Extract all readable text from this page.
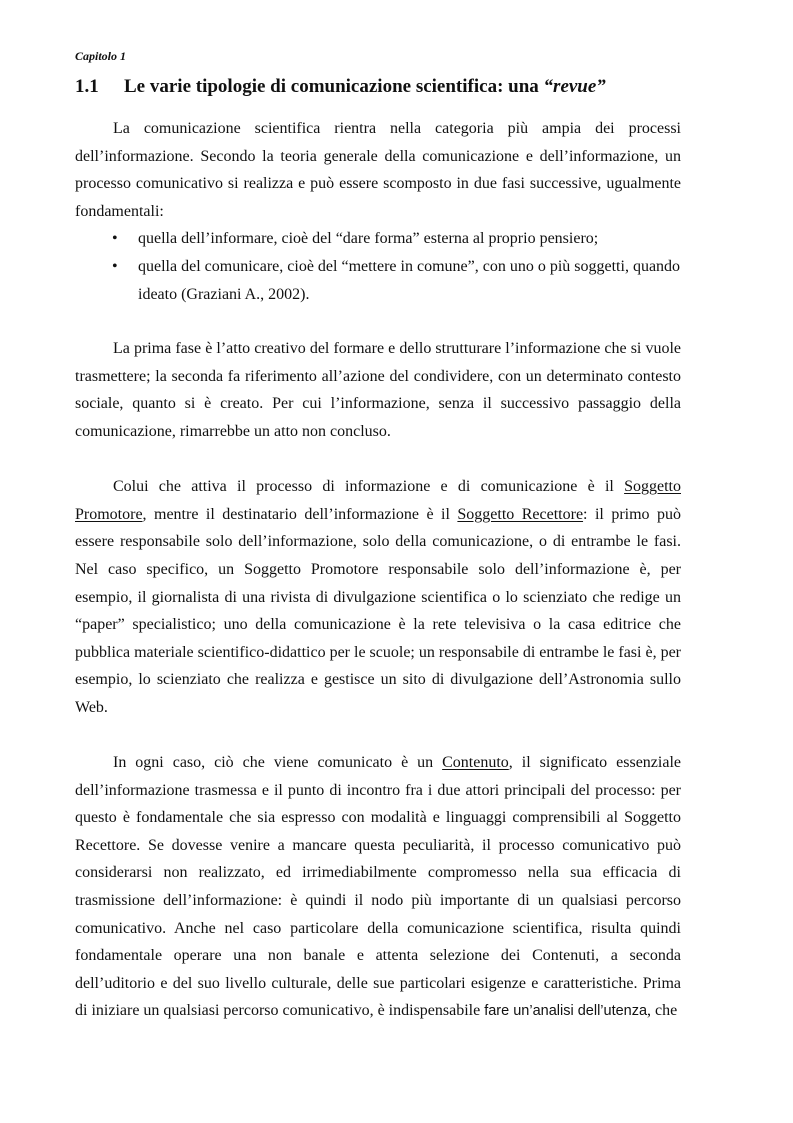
Capitolo 1
1.1 Le varie tipologie di comunicazione scientifica: una “revue”

La comunicazione scientifica rientra nella categoria più ampia dei processi dell’informazione. Secondo la teoria generale della comunicazione e dell’informazione, un processo comunicativo si realizza e può essere scomposto in due fasi successive, ugualmente fondamentali:

• quella dell’informare, cioè del “dare forma” esterna al proprio pensiero;
• quella del comunicare, cioè del “mettere in comune”, con uno o più soggetti, quando ideato (Graziani A., 2002).

La prima fase è l’atto creativo del formare e dello strutturare l’informazione che si vuole trasmettere; la seconda fa riferimento all’azione del condividere, con un determinato contesto sociale, quanto si è creato. Per cui l’informazione, senza il successivo passaggio della comunicazione, rimarrebbe un atto non concluso.

Colui che attiva il processo di informazione e di comunicazione è il Soggetto Promotore, mentre il destinatario dell’informazione è il Soggetto Recettore: il primo può essere responsabile solo dell’informazione, solo della comunicazione, o di entrambe le fasi. Nel caso specifico, un Soggetto Promotore responsabile solo dell’informazione è, per esempio, il giornalista di una rivista di divulgazione scientifica o lo scienziato che redige un “paper” specialistico; uno della comunicazione è la rete televisiva o la casa editrice che pubblica materiale scientifico-didattico per le scuole; un responsabile di entrambe le fasi è, per esempio, lo scienziato che realizza e gestisce un sito di divulgazione dell’Astronomia sullo Web.

In ogni caso, ciò che viene comunicato è un Contenuto, il significato essenziale dell’informazione trasmessa e il punto di incontro fra i due attori principali del processo: per questo è fondamentale che sia espresso con modalità e linguaggi comprensibili al Soggetto Recettore. Se dovesse venire a mancare questa peculiarità, il processo comunicativo può considerarsi non realizzato, ed irrimediabilmente compromesso nella sua efficacia di trasmissione dell’informazione: è quindi il nodo più importante di un qualsiasi percorso comunicativo. Anche nel caso particolare della comunicazione scientifica, risulta quindi fondamentale operare una non banale e attenta selezione dei Contenuti, a seconda dell’uditorio e del suo livello culturale, delle sue particolari esigenze e caratteristiche. Prima di iniziare un qualsiasi percorso comunicativo, è indispensabile fare un’analisi dell’utenza, che
